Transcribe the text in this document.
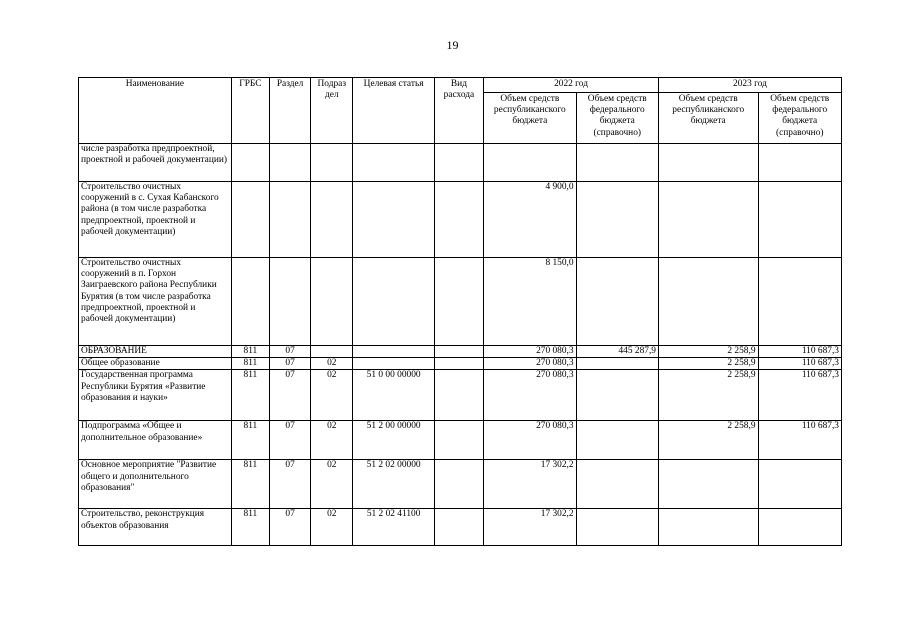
19
Наименование	ГРБС	Раздел	Подраз дел	Целевая статья	Вид расхода	2022 год		2023 год	
						Объем средств республиканского бюджета	Объем средств федерального бюджета (справочно)	Объем средств республиканского бюджета	Объем средств федерального бюджета (справочно)
числе разработка предпроектной, проектной и рабочей документации)									
Строительство очистных сооружений в с. Сухая Кабанского района (в том числе разработка предпроектной, проектной и рабочей документации)						4 900,0			
Строительство очистных сооружений в п. Горхон Заиграевского района Республики Бурятия (в том числе разработка предпроектной, проектной и рабочей документации)						8 150,0			
ОБРАЗОВАНИЕ	811	07				270 080,3	445 287,9	2 258,9	110 687,3
Общее образование	811	07	02			270 080,3		2 258,9	110 687,3
Государственная программа Республики Бурятия «Развитие образования и науки»	811	07	02	51 0 00 00000		270 080,3		2 258,9	110 687,3
Подпрограмма «Общее и дополнительное образование»	811	07	02	51 2 00 00000		270 080,3		2 258,9	110 687,3
Основное мероприятие "Развитие общего и дополнительного образования"	811	07	02	51 2 02 00000		17 302,2			
Строительство, реконструкция объектов образования	811	07	02	51 2 02 41100		17 302,2			
